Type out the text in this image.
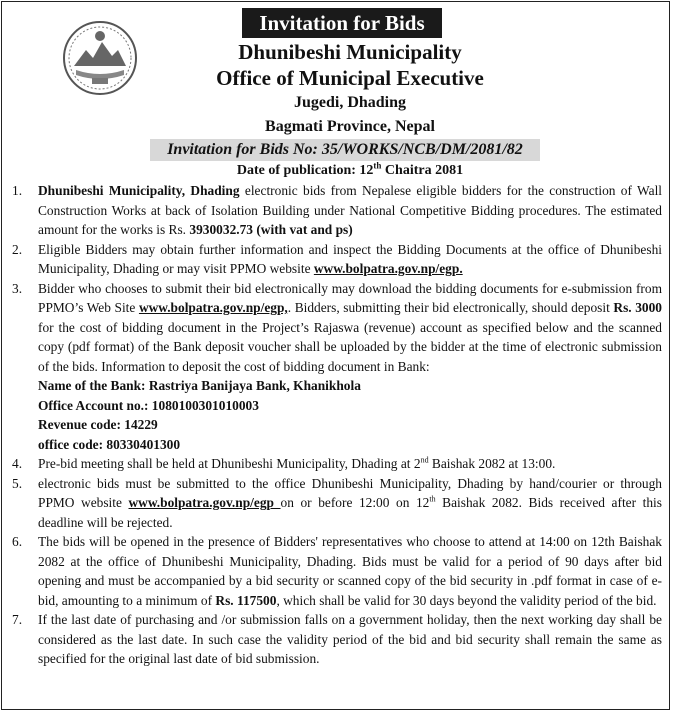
Invitation for Bids
Dhunibeshi Municipality
Office of Municipal Executive
Jugedi, Dhading
Bagmati Province, Nepal
Invitation for Bids No: 35/WORKS/NCB/DM/2081/82
Date of publication: 12th Chaitra 2081
1. Dhunibeshi Municipality, Dhading electronic bids from Nepalese eligible bidders for the construction of Wall Construction Works at back of Isolation Building under National Competitive Bidding procedures. The estimated amount for the works is Rs. 3930032.73 (with vat and ps)
2. Eligible Bidders may obtain further information and inspect the Bidding Documents at the office of Dhunibeshi Municipality, Dhading or may visit PPMO website www.bolpatra.gov.np/egp.
3. Bidder who chooses to submit their bid electronically may download the bidding documents for e-submission from PPMO’s Web Site www.bolpatra.gov.np/egp,. Bidders, submitting their bid electronically, should deposit Rs. 3000 for the cost of bidding document in the Project’s Rajaswa (revenue) account as specified below and the scanned copy (pdf format) of the Bank deposit voucher shall be uploaded by the bidder at the time of electronic submission of the bids. Information to deposit the cost of bidding document in Bank:
Name of the Bank: Rastriya Banijaya Bank, Khanikhola
Office Account no.: 1080100301010003
Revenue code: 14229
office code: 80330401300
4. Pre-bid meeting shall be held at Dhunibeshi Municipality, Dhading at 2nd Baishak 2082 at 13:00.
5. electronic bids must be submitted to the office Dhunibeshi Municipality, Dhading by hand/courier or through PPMO website www.bolpatra.gov.np/egp on or before 12:00 on 12th Baishak 2082. Bids received after this deadline will be rejected.
6. The bids will be opened in the presence of Bidders' representatives who choose to attend at 14:00 on 12th Baishak 2082 at the office of Dhunibeshi Municipality, Dhading. Bids must be valid for a period of 90 days after bid opening and must be accompanied by a bid security or scanned copy of the bid security in .pdf format in case of e-bid, amounting to a minimum of Rs. 117500, which shall be valid for 30 days beyond the validity period of the bid.
7. If the last date of purchasing and /or submission falls on a government holiday, then the next working day shall be considered as the last date. In such case the validity period of the bid and bid security shall remain the same as specified for the original last date of bid submission.
